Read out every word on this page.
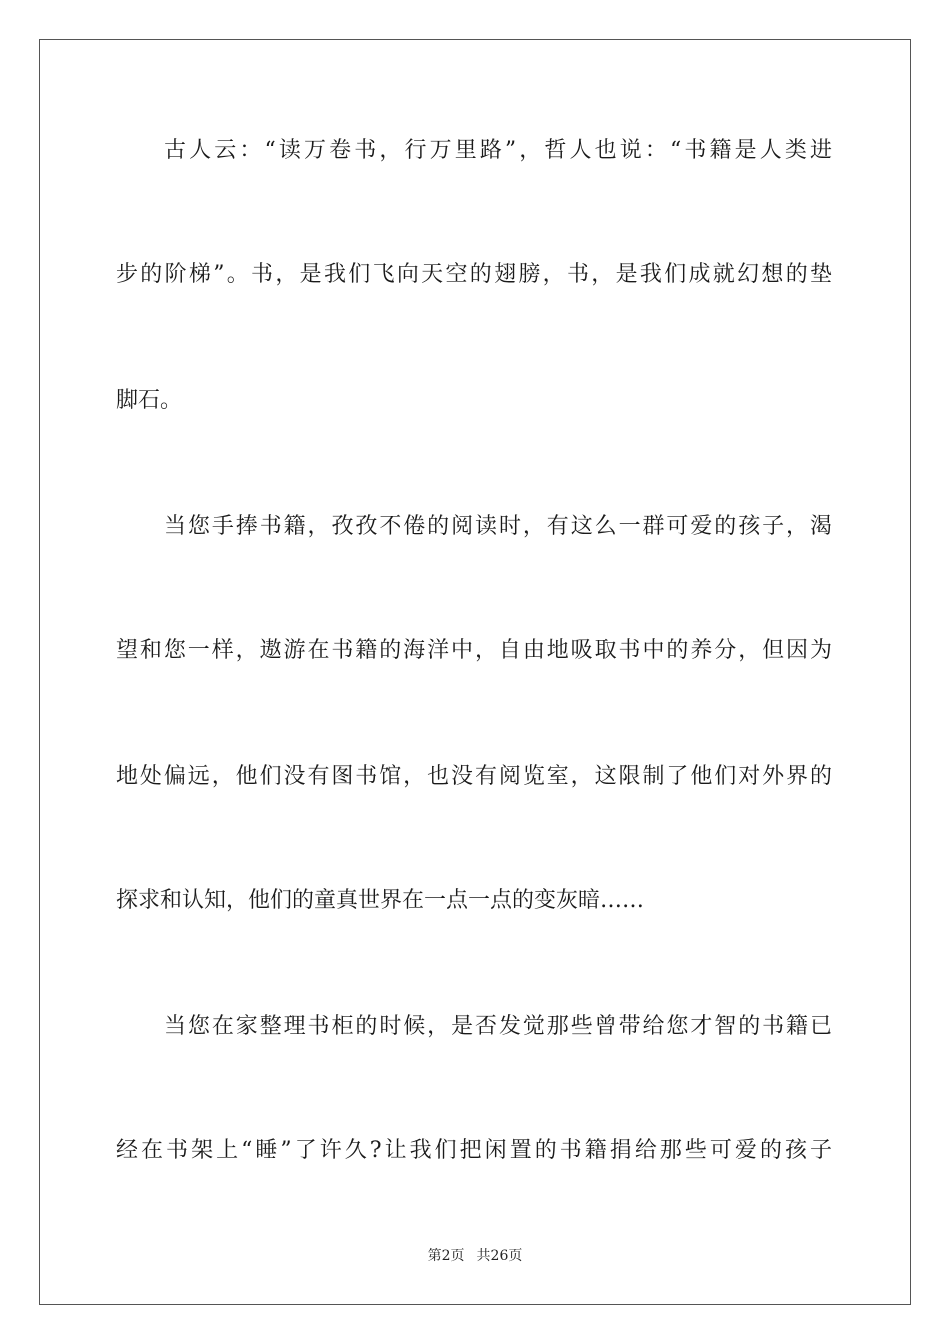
古人云：“读万卷书，行万里路”，哲人也说：“书籍是人类进
步的阶梯”。书，是我们飞向天空的翅膀，书，是我们成就幻想的垫
脚石。
当您手捧书籍，孜孜不倦的阅读时，有这么一群可爱的孩子，渴
望和您一样，遨游在书籍的海洋中，自由地吸取书中的养分，但因为
地处偏远，他们没有图书馆，也没有阅览室，这限制了他们对外界的
探求和认知，他们的童真世界在一点一点的变灰暗……
当您在家整理书柜的时候，是否发觉那些曾带给您才智的书籍已
经在书架上“睡”了许久?让我们把闲置的书籍捐给那些可爱的孩子
第2页 共26页
